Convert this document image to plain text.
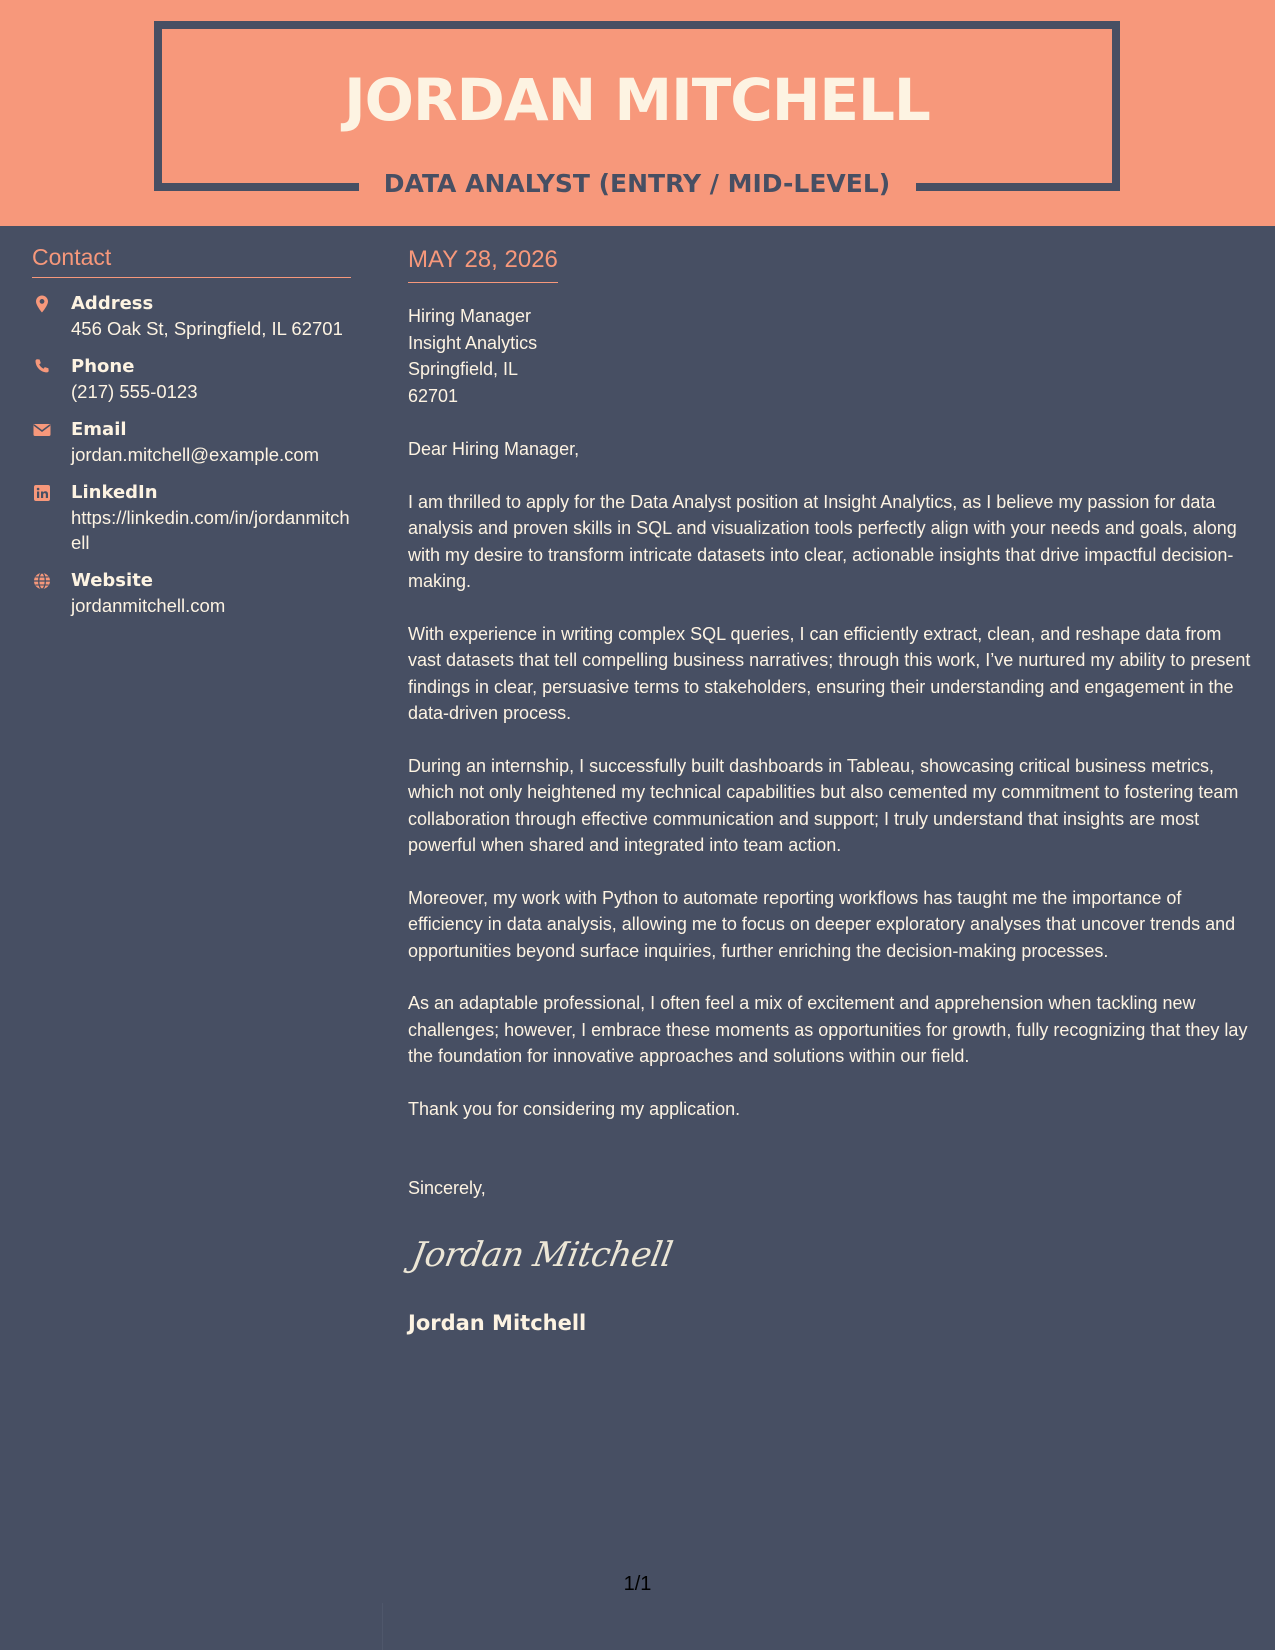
JORDAN MITCHELL
DATA ANALYST (ENTRY / MID-LEVEL)
Contact
Address
456 Oak St, Springfield, IL 62701
Phone
(217) 555-0123
Email
jordan.mitchell@example.com
LinkedIn
https://linkedin.com/in/jordanmitchell
Website
jordanmitchell.com
MAY 28, 2026
Hiring Manager
Insight Analytics
Springfield, IL
62701
Dear Hiring Manager,
I am thrilled to apply for the Data Analyst position at Insight Analytics, as I believe my passion for data analysis and proven skills in SQL and visualization tools perfectly align with your needs and goals, along with my desire to transform intricate datasets into clear, actionable insights that drive impactful decision-making.
With experience in writing complex SQL queries, I can efficiently extract, clean, and reshape data from vast datasets that tell compelling business narratives; through this work, I’ve nurtured my ability to present findings in clear, persuasive terms to stakeholders, ensuring their understanding and engagement in the data-driven process.
During an internship, I successfully built dashboards in Tableau, showcasing critical business metrics, which not only heightened my technical capabilities but also cemented my commitment to fostering team collaboration through effective communication and support; I truly understand that insights are most powerful when shared and integrated into team action.
Moreover, my work with Python to automate reporting workflows has taught me the importance of efficiency in data analysis, allowing me to focus on deeper exploratory analyses that uncover trends and opportunities beyond surface inquiries, further enriching the decision-making processes.
As an adaptable professional, I often feel a mix of excitement and apprehension when tackling new challenges; however, I embrace these moments as opportunities for growth, fully recognizing that they lay the foundation for innovative approaches and solutions within our field.
Thank you for considering my application.
Sincerely,
Jordan Mitchell
Jordan Mitchell
1/1
